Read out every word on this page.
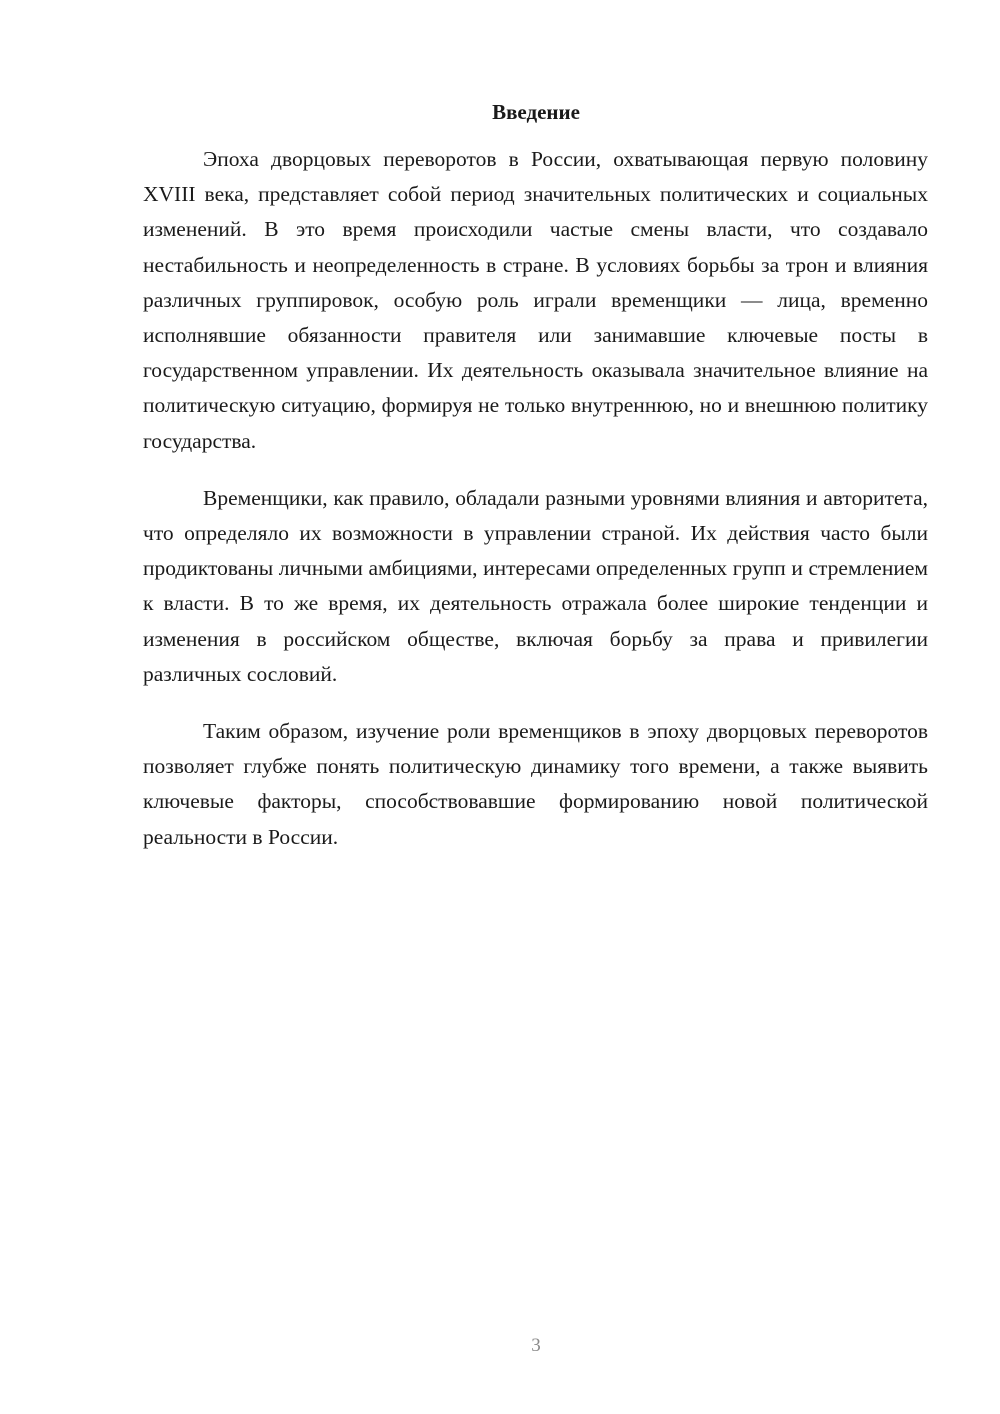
Введение

Эпоха дворцовых переворотов в России, охватывающая первую половину XVIII века, представляет собой период значительных политических и социальных изменений. В это время происходили частые смены власти, что создавало нестабильность и неопределенность в стране. В условиях борьбы за трон и влияния различных группировок, особую роль играли временщики — лица, временно исполнявшие обязанности правителя или занимавшие ключевые посты в государственном управлении. Их деятельность оказывала значительное влияние на политическую ситуацию, формируя не только внутреннюю, но и внешнюю политику государства.

Временщики, как правило, обладали разными уровнями влияния и авторитета, что определяло их возможности в управлении страной. Их действия часто были продиктованы личными амбициями, интересами определенных групп и стремлением к власти. В то же время, их деятельность отражала более широкие тенденции и изменения в российском обществе, включая борьбу за права и привилегии различных сословий.

Таким образом, изучение роли временщиков в эпоху дворцовых переворотов позволяет глубже понять политическую динамику того времени, а также выявить ключевые факторы, способствовавшие формированию новой политической реальности в России.

3
